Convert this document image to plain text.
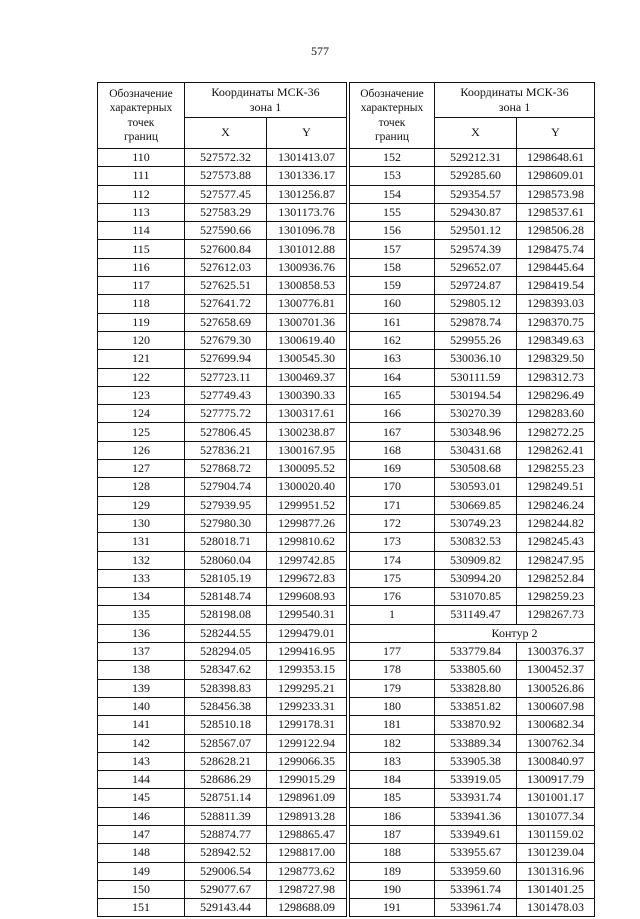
577
Обозначение
характерных
точек
границ	Координаты МСК-36
зона 1	

	X	Y
110	527572.32	1301413.07
111	527573.88	1301336.17
112	527577.45	1301256.87
113	527583.29	1301173.76
114	527590.66	1301096.78
115	527600.84	1301012.88
116	527612.03	1300936.76
117	527625.51	1300858.53
118	527641.72	1300776.81
119	527658.69	1300701.36
120	527679.30	1300619.40
121	527699.94	1300545.30
122	527723.11	1300469.37
123	527749.43	1300390.33
124	527775.72	1300317.61
125	527806.45	1300238.87
126	527836.21	1300167.95
127	527868.72	1300095.52
128	527904.74	1300020.40
129	527939.95	1299951.52
130	527980.30	1299877.26
131	528018.71	1299810.62
132	528060.04	1299742.85
133	528105.19	1299672.83
134	528148.74	1299608.93
135	528198.08	1299540.31
136	528244.55	1299479.01
137	528294.05	1299416.95
138	528347.62	1299353.15
139	528398.83	1299295.21
140	528456.38	1299233.31
141	528510.18	1299178.31
142	528567.07	1299122.94
143	528628.21	1299066.35
144	528686.29	1299015.29
145	528751.14	1298961.09
146	528811.39	1298913.28
147	528874.77	1298865.47
148	528942.52	1298817.00
149	529006.54	1298773.62
150	529077.67	1298727.98
151	529143.44	1298688.09
Обозначение
характерных
точек
границ	Координаты МСК-36
зона 1	

	X	Y
152	529212.31	1298648.61
153	529285.60	1298609.01
154	529354.57	1298573.98
155	529430.87	1298537.61
156	529501.12	1298506.28
157	529574.39	1298475.74
158	529652.07	1298445.64
159	529724.87	1298419.54
160	529805.12	1298393.03
161	529878.74	1298370.75
162	529955.26	1298349.63
163	530036.10	1298329.50
164	530111.59	1298312.73
165	530194.54	1298296.49
166	530270.39	1298283.60
167	530348.96	1298272.25
168	530431.68	1298262.41
169	530508.68	1298255.23
170	530593.01	1298249.51
171	530669.85	1298246.24
172	530749.23	1298244.82
173	530832.53	1298245.43
174	530909.82	1298247.95
175	530994.20	1298252.84
176	531070.85	1298259.23
1	531149.47	1298267.73
	Контур 2	
177	533779.84	1300376.37
178	533805.60	1300452.37
179	533828.80	1300526.86
180	533851.82	1300607.98
181	533870.92	1300682.34
182	533889.34	1300762.34
183	533905.38	1300840.97
184	533919.05	1300917.79
185	533931.74	1301001.17
186	533941.36	1301077.34
187	533949.61	1301159.02
188	533955.67	1301239.04
189	533959.60	1301316.96
190	533961.74	1301401.25
191	533961.74	1301478.03
